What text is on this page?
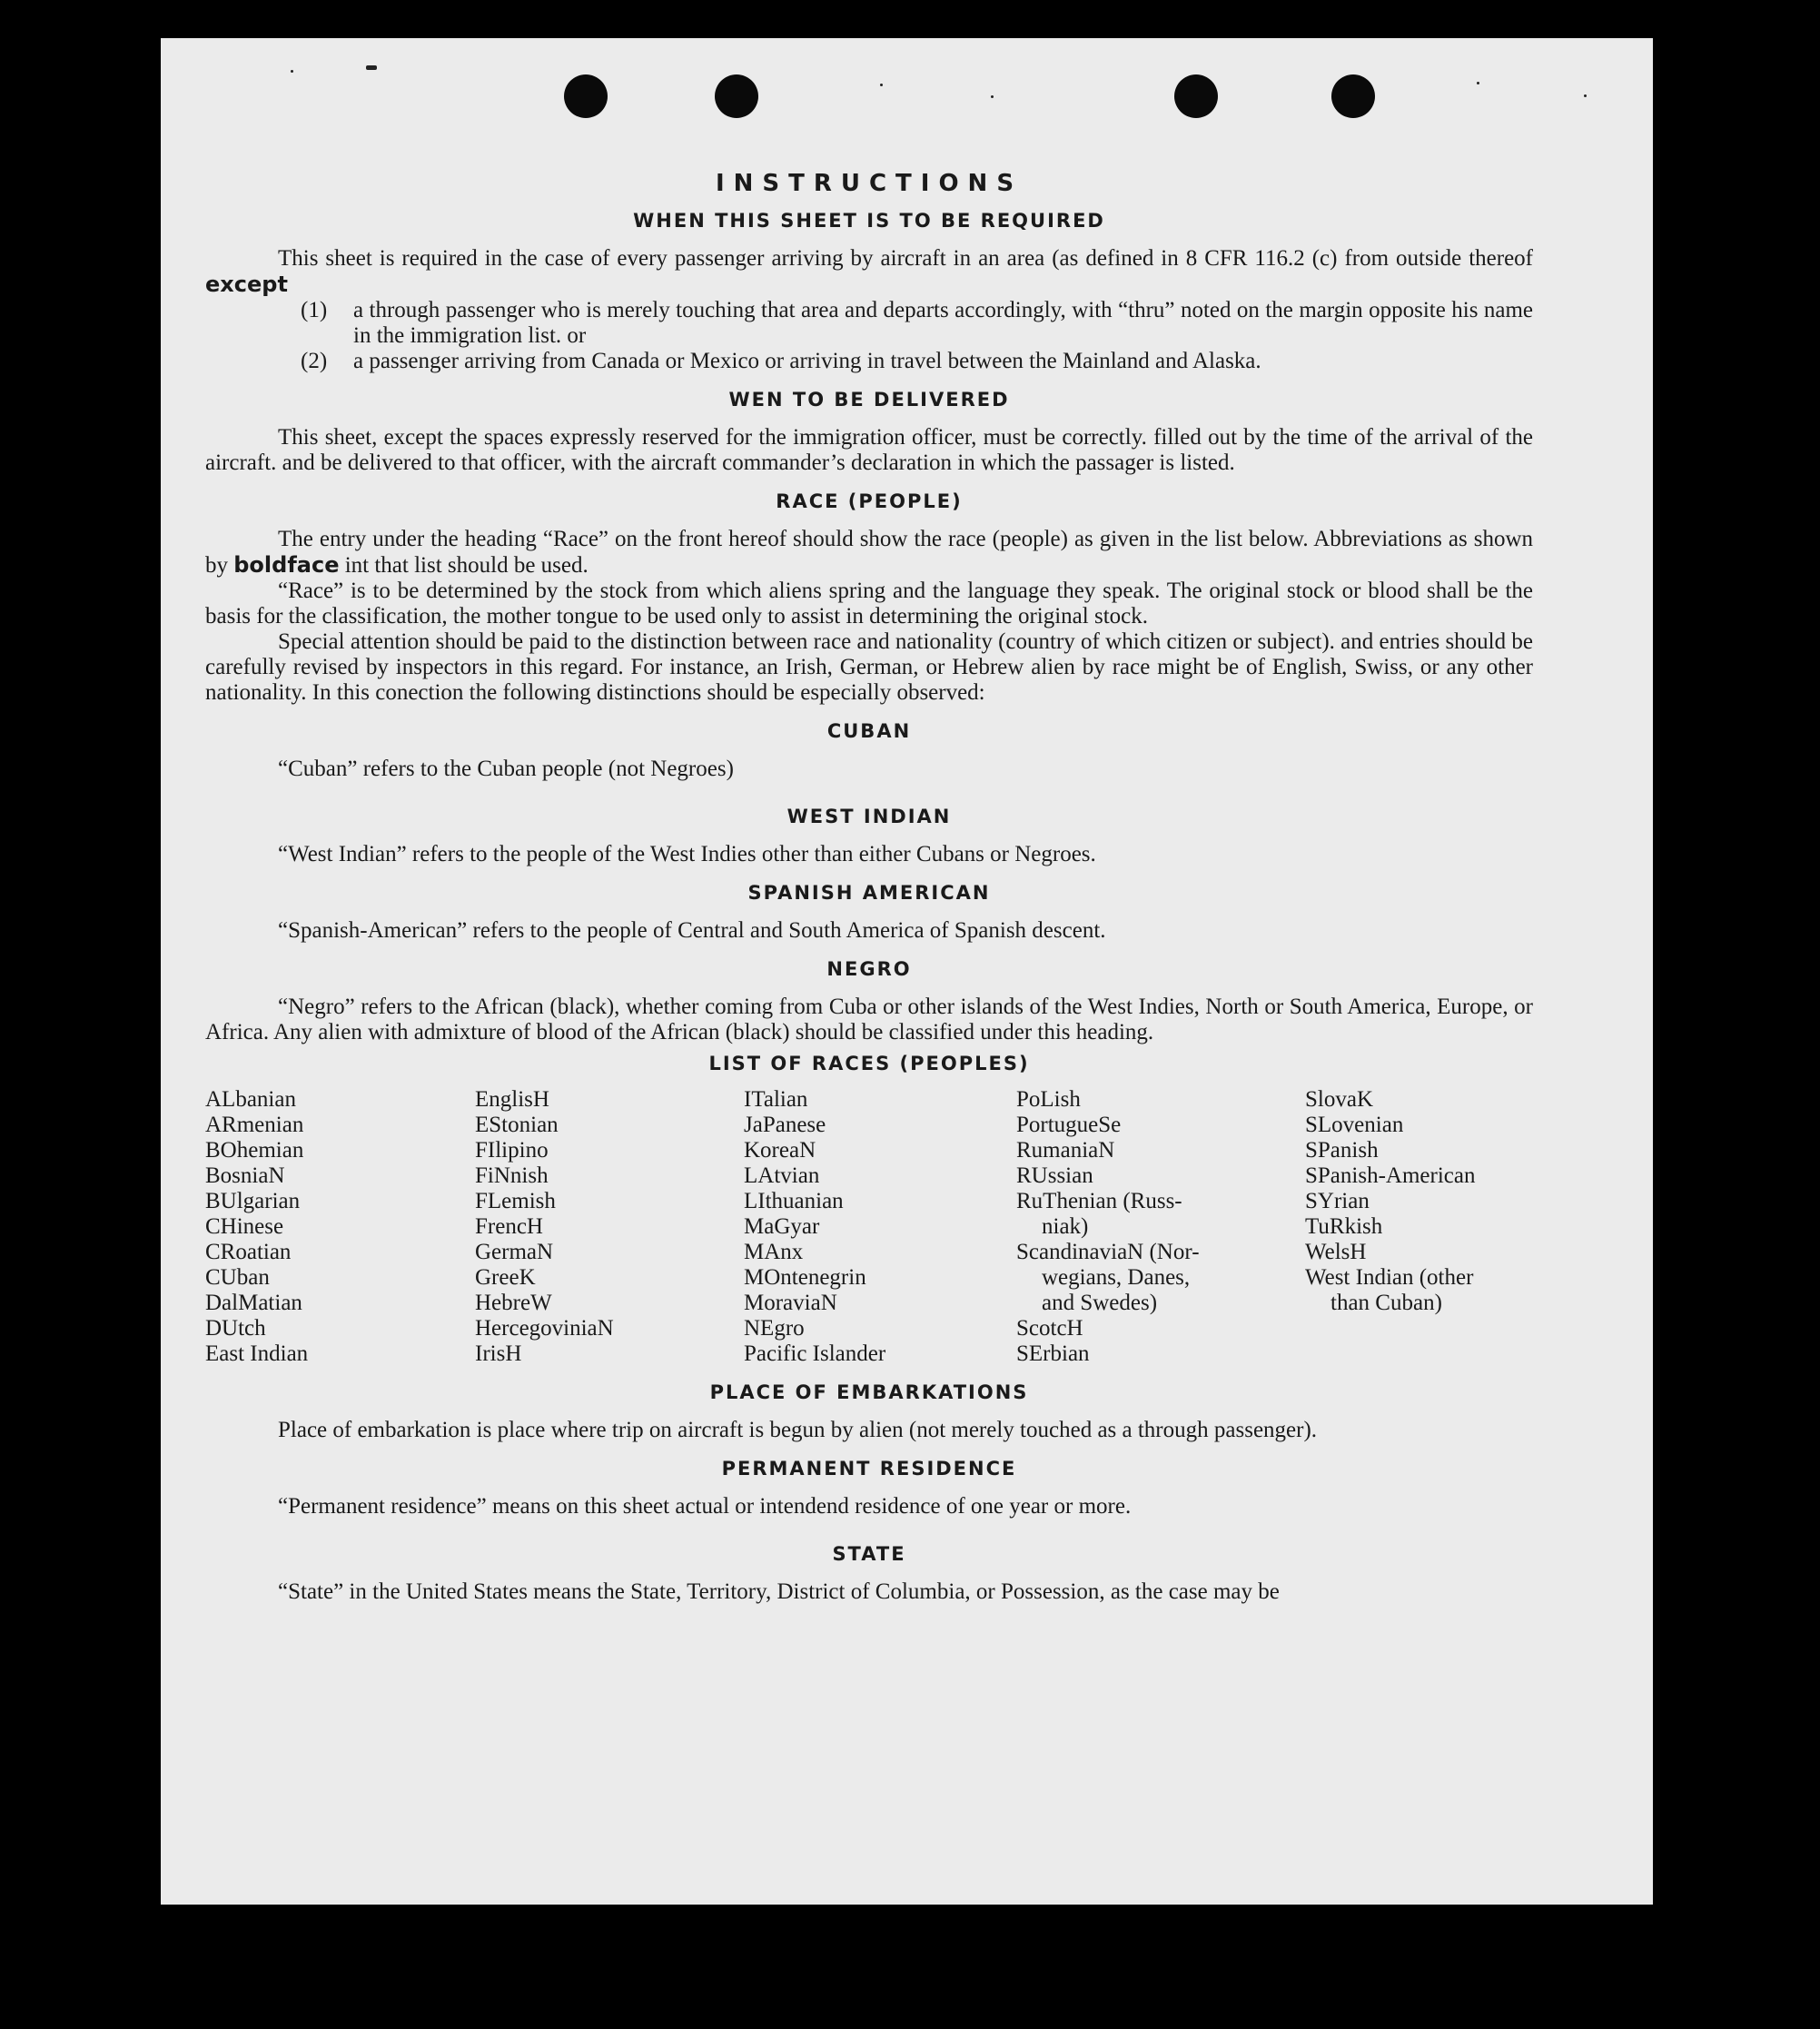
INSTRUCTIONS
WHEN THIS SHEET IS TO BE REQUIRED

This sheet is required in the case of every passenger arriving by aircraft in an area (as defined in 8 CFR 116.2 (c) from outside thereof except

(1)	a through passenger who is merely touching that area and departs accordingly, with “thru” noted on the margin opposite his name in the immigration list. or
(2)	a passenger arriving from Canada or Mexico or arriving in travel between the Mainland and Alaska.
WEN TO BE DELIVERED

This sheet, except the spaces expressly reserved for the immigration officer, must be correctly. filled out by the time of the arrival of the aircraft. and be delivered to that officer, with the aircraft commander’s declaration in which the passager is listed.

RACE (PEOPLE)

The entry under the heading “Race” on the front hereof should show the race (people) as given in the list below. Abbreviations as shown by boldface int that list should be used.

“Race” is to be determined by the stock from which aliens spring and the language they speak. The original stock or blood shall be the basis for the classification, the mother tongue to be used only to assist in determining the original stock.

Special attention should be paid to the distinction between race and nationality (country of which citizen or subject). and entries should be carefully revised by inspectors in this regard. For instance, an Irish, German, or Hebrew alien by race might be of English, Swiss, or any other nationality. In this conection the following distinctions should be especially observed:

CUBAN

“Cuban” refers to the Cuban people (not Negroes)

WEST INDIAN

“West Indian” refers to the people of the West Indies other than either Cubans or Negroes.

SPANISH AMERICAN

“Spanish-American” refers to the people of Central and South America of Spanish descent.

NEGRO

“Negro” refers to the African (black), whether coming from Cuba or other islands of the West Indies, North or South America, Europe, or Africa. Any alien with admixture of blood of the African (black) should be classified under this heading.

LIST OF RACES (PEOPLES)
ALbanian
ARmenian
BOhemian
BosniaN
BUlgarian
CHinese
CRoatian
CUban
DalMatian
DUtch
East Indian
EnglisH
EStonian
FIlipino
FiNnish
FLemish
FrencH
GermaN
GreeK
HebreW
HercegoviniaN
IrisH
ITalian
JaPanese
KoreaN
LAtvian
LIthuanian
MaGyar
MAnx
MOntenegrin
MoraviaN
NEgro
Pacific Islander
PoLish
PortugueSe
RumaniaN
RUssian
RuThenian (Russ-
niak)
ScandinaviaN (Nor-
wegians, Danes,
and Swedes)
ScotcH
SErbian
SlovaK
SLovenian
SPanish
SPanish-American
SYrian
TuRkish
WelsH
West Indian (other
than Cuban)
PLACE OF EMBARKATIONS

Place of embarkation is place where trip on aircraft is begun by alien (not merely touched as a through passenger).

PERMANENT RESIDENCE

“Permanent residence” means on this sheet actual or intendend residence of one year or more.

STATE

“State” in the United States means the State, Territory, District of Columbia, or Possession, as the case may be
